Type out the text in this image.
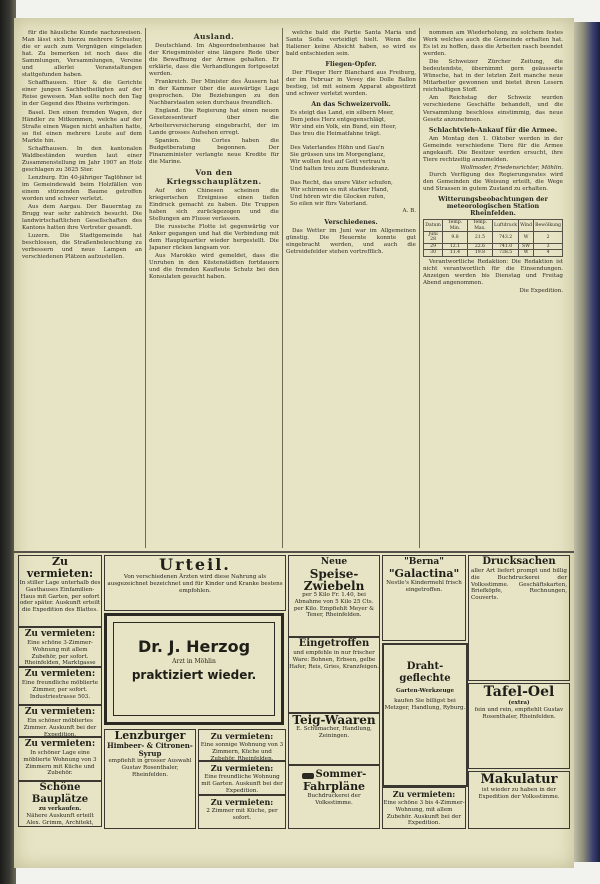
für die häusliche Kunde nachzuweisen. Man lässt sich hierzu mehrere Schuster, die er auch zum Vergnügen eingeladen hat. Zu bemerken ist noch dass die Sammlungen, Versammlungen, Vereine und allerlei Veranstaltungen stattgefunden haben.

Schaffhausen. Hier & die Gerichte einer jungen Sachbetheiligten auf der Reise gewesen. Man sollte noch den Tag in der Gegend des Rheins verbringen.

Basel. Den einen fremden Wagen, der Händler zu Mitkommen, welche auf der Straße einen Wagen nicht anhalten hatte, so fiel einen mehrere Leute auf dem Markte hin.

Schaffhausen. In den kantonalen Waldbeständen wurden laut einer Zusammenstellung im Jahr 1907 an Holz geschlagen zu 3625 Ster.

Lenzburg. Ein 40-jähriger Taglöhner ist im Gemeindewald beim Holzfällen von einem stürzenden Baume getroffen worden und schwer verletzt.

Aus dem Aargau. Der Bauerntag zu Brugg war sehr zahlreich besucht. Die landwirtschaftlichen Gesellschaften des Kantons hatten ihre Vertreter gesandt.

Luzern. Die Stadtgemeinde hat beschlossen, die Straßenbeleuchtung zu verbessern und neue Lampen an verschiedenen Plätzen aufzustellen.

Ausland.

Deutschland. Im Abgeordnetenhause hat der Kriegsminister eine längere Rede über die Bewaffnung der Armee gehalten. Er erklärte, dass die Verhandlungen fortgesetzt werden.

Frankreich. Der Minister des Äussern hat in der Kammer über die auswärtige Lage gesprochen. Die Beziehungen zu den Nachbarstaaten seien durchaus freundlich.

England. Die Regierung hat einen neuen Gesetzesentwurf über die Arbeiterversicherung eingebracht, der im Lande grosses Aufsehen erregt.

Spanien. Die Cortes haben die Budgetberatung begonnen. Der Finanzminister verlangte neue Kredite für die Marine.

Von den Kriegsschauplätzen.

Auf den Chinesen scheinen die kriegerischen Ereignisse einen tiefen Eindruck gemacht zu haben. Die Truppen haben sich zurückgezogen und die Stellungen am Flusse verlassen.

Die russische Flotte ist gegenwärtig vor Anker gegangen und hat die Verbindung mit dem Hauptquartier wieder hergestellt. Die Japaner rücken langsam vor.

Aus Marokko wird gemeldet, dass die Unruhen in den Küstenstädten fortdauern und die fremden Kaufleute Schutz bei den Konsulaten gesucht haben.

welche bald die Partie Santa Maria und Santa Sofia verteidigt hielt. Wenn die Italiener keine Absicht haben, so wird es bald entschieden sein.

Fliegen-Opfer.

Der Flieger Herr Blanchard aus Freiburg, der im Februar in Vevey die Dolle Ballon bestieg, ist mit seinem Apparat abgestürzt und schwer verletzt worden.

An das Schweizervolk.
Es steigt das Land, ein silbern Meer,
Dem jedes Herz entgegenschlägt,
Wir sind ein Volk, ein Bund, ein Heer,
Das treu die Heimatfahne trägt.

Des Vaterlandes Höhn und Gau'n
Sie grüssen uns im Morgenglanz,
Wir wollen fest auf Gott vertrau'n
Und halten treu zum Bundeskranz.

Das Recht, das unsre Väter schufen,
Wir schirmen es mit starker Hand,
Und hören wir die Glocken rufen,
So eilen wir fürs Vaterland.
A. B.
Verschiedenes.

Das Wetter im Juni war im Allgemeinen günstig. Die Heuernte konnte gut eingebracht werden, und auch die Getreidefelder stehen vortrefflich.

nommen am Wiederholung, zu solchem festes Werk welches auch die Gemeinde erhalten hat. Es ist zu hoffen, dass die Arbeiten rasch beendet werden.

Die Schweizer Zürcher Zeitung, die bedeutendste, übernimmt gern geäusserte Wünsche, hat in der letzten Zeit manche neue Mitarbeiter gewonnen und bietet ihren Lesern reichhaltigen Stoff.

Am Reichstag der Schweiz wurden verschiedene Geschäfte behandelt, und die Versammlung beschloss einstimmig, das neue Gesetz anzunehmen.

Schlachtvieh-Ankauf für die Armee.

Am Montag den 1. Oktober werden in der Gemeinde verschiedene Tiere für die Armee angekauft. Die Besitzer werden ersucht, ihre Tiere rechtzeitig anzumelden.

Wollmoder, Friedensrichter, Möhlin.

Durch Verfügung des Regierungsrates wird den Gemeinden die Weisung erteilt, die Wege und Strassen in gutem Zustand zu erhalten.

Witterungsbeobachtungen der meteorologischen Station Rheinfelden.
Datum	Temp. Min.	Temp. Max.	Luftdruck	Wind	Bewölkung
Juni 28	9.8	21.5	743.2	W	2
29	12.1	22.6	741.0	SW	3
30	11.4	19.8	738.5	W	4

Verantwortliche Redaktion: Die Redaktion ist nicht verantwortlich für die Einsendungen. Anzeigen werden bis Dienstag und Freitag Abend angenommen.

Die Expedition.
Zu vermieten:
In stiller Lage unterhalb des Gasthauses Einfamilien-Haus mit Garten, per sofort oder später. Auskunft erteilt die Expedition des Blattes.
Zu vermieten:
Eine schöne 3-Zimmer-Wohnung mit allem Zubehör, per sofort. Rheinfelden, Marktgasse
Zu vermieten:
Eine freundliche möblierte Zimmer, per sofort. Industriestrasse 503.
Zu vermieten:
Ein schöner möbliertes Zimmer. Auskunft bei der Expedition.
Zu vermieten:
In schöner Lage eine möblierte Wohnung von 3 Zimmern mit Küche und Zubehör.
Schöne Bauplätze
zu verkaufen.
Nähere Auskunft erteilt Alex. Grimm, Architekt,
Urteil.
Von verschiedenen Ärzten wird diese Nahrung als ausgezeichnet bezeichnet und für Kinder und Kranke bestens empfohlen.
Dr. J. Herzog
Arzt in Möhlin
praktiziert wieder.
Lenzburger
Himbeer- & Citronen-Syrup
empfiehlt in grosser Auswahl Gustav Rosenthaler, Rheinfelden.
Zu vermieten:
Eine sonnige Wohnung von 3 Zimmern, Küche und Zubehör. Rheinfelden.
Zu vermieten:
Eine freundliche Wohnung mit Garten. Auskunft bei der Expedition.
Zu vermieten:
2 Zimmer mit Küche, per sofort.
Neue
Speise-Zwiebeln
per 5 Kilo Fr. 1.40, bei Abnahme von 5 Kilo 25 Cts. per Kilo. Empfiehlt Meyer & Tener, Rheinfelden.
Eingetroffen
und empfehle in nur frischer Ware: Bohnen, Erbsen, gelbe Hafer, Reis, Gries, Kranzfeigen.
Teig-Waaren
E. Schumacher, Handlung, Zeiningen.
Sommer-
Fahrpläne
Buchdruckerei der Volksstimme.
"Berna"
"Galactina"
Nestle's Kindermehl frisch eingetroffen.
Draht-
geflechte
Garten-Werkzeuge
kaufen Sie billigst bei Metzger, Handlung, Ryburg.
Zu vermieten:
Eine schöne 3 bis 4-Zimmer-Wohnung, mit allem Zubehör. Auskunft bei der Expedition.
Drucksachen
aller Art liefert prompt und billig die Buchdruckerei der Volksstimme. Geschäftskarten, Briefköpfe, Rechnungen, Couverts.
Tafel-Oel
(extra)
fein und rein, empfiehlt Gustav Rosenthaler, Rheinfelden.
Makulatur
ist wieder zu haben in der Expedition der Volksstimme.
